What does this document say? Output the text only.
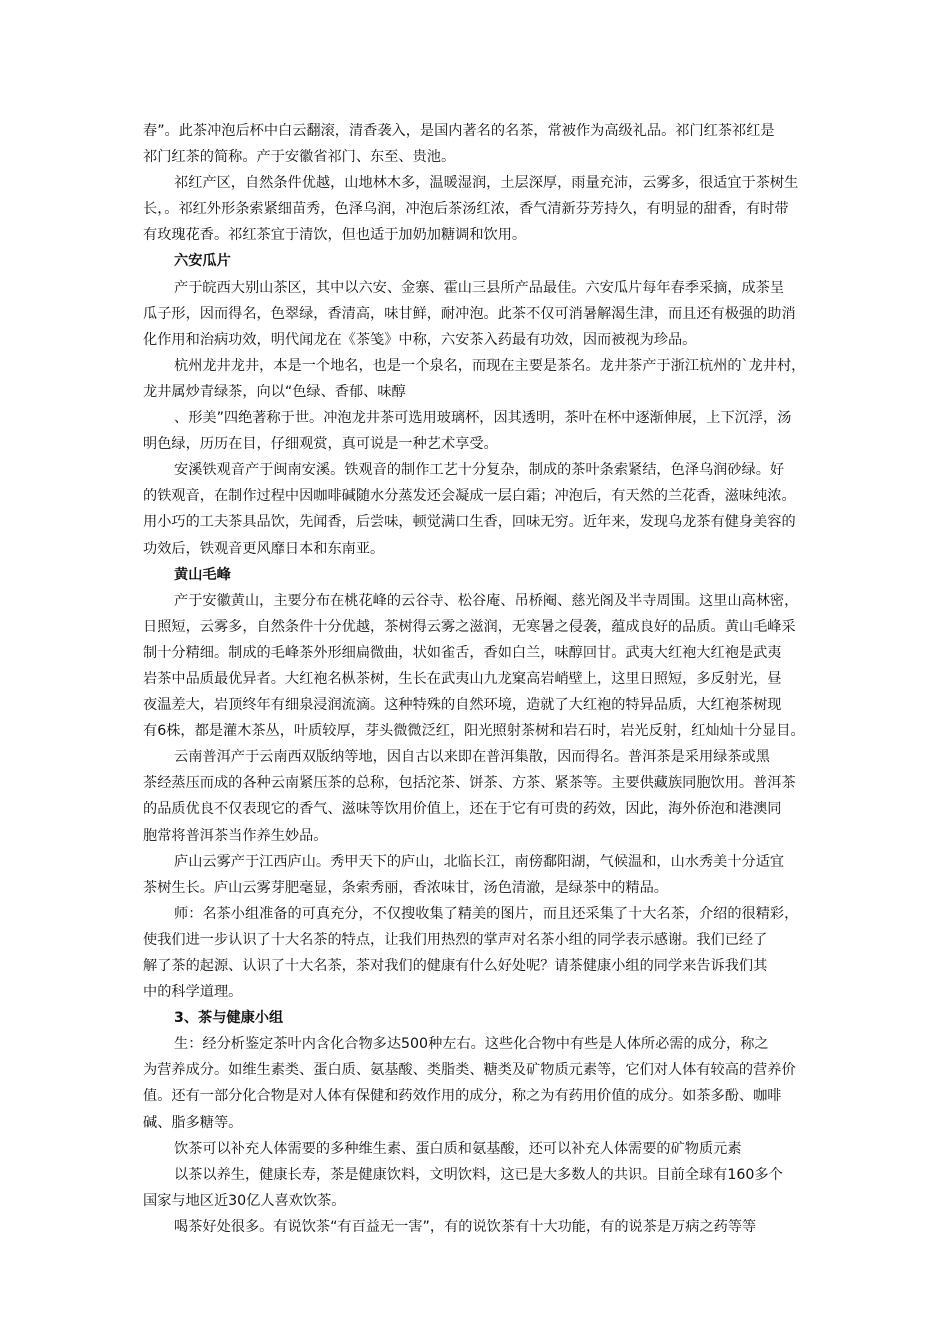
春”。此茶冲泡后杯中白云翻滚，清香袭入，是国内著名的名茶，常被作为高级礼品。祁门红茶祁红是
祁门红茶的简称。产于安徽省祁门、东至、贵池。
祁红产区，自然条件优越，山地林木多，温暖湿润，土层深厚，雨量充沛，云雾多，很适宜于茶树生
长，。祁红外形条索紧细苗秀，色泽乌润，冲泡后茶汤红浓，香气清新芬芳持久，有明显的甜香，有时带
有玫瑰花香。祁红茶宜于清饮，但也适于加奶加糖调和饮用。
六安瓜片
产于皖西大别山茶区，其中以六安、金寨、霍山三县所产品最佳。六安瓜片每年春季采摘，成茶呈
瓜子形，因而得名，色翠绿，香清高，味甘鲜，耐冲泡。此茶不仅可消暑解渴生津，而且还有极强的助消
化作用和治病功效，明代闻龙在《茶笺》中称，六安茶入药最有功效，因而被视为珍品。
杭州龙井龙井，本是一个地名，也是一个泉名，而现在主要是茶名。龙井茶产于浙江杭州的`龙井村，
龙井属炒青绿茶，向以“色绿、香郁、味醇
、形美”四绝著称于世。冲泡龙井茶可选用玻璃杯，因其透明，茶叶在杯中逐渐伸展，上下沉浮，汤
明色绿，历历在目，仔细观赏，真可说是一种艺术享受。
安溪铁观音产于闽南安溪。铁观音的制作工艺十分复杂，制成的茶叶条索紧结，色泽乌润砂绿。好
的铁观音，在制作过程中因咖啡碱随水分蒸发还会凝成一层白霜；冲泡后，有天然的兰花香，滋味纯浓。
用小巧的工夫茶具品饮，先闻香，后尝味，顿觉满口生香，回味无穷。近年来，发现乌龙茶有健身美容的
功效后，铁观音更风靡日本和东南亚。
黄山毛峰
产于安徽黄山，主要分布在桃花峰的云谷寺、松谷庵、吊桥阉、慈光阁及半寺周围。这里山高林密，
日照短，云雾多，自然条件十分优越，茶树得云雾之滋润，无寒暑之侵袭，蕴成良好的品质。黄山毛峰采
制十分精细。制成的毛峰茶外形细扁微曲，状如雀舌，香如白兰，味醇回甘。武夷大红袍大红袍是武夷
岩茶中品质最优异者。大红袍名枞茶树，生长在武夷山九龙窠高岩峭壁上，这里日照短，多反射光，昼
夜温差大，岩顶终年有细泉浸润流滴。这种特殊的自然环境，造就了大红袍的特异品质，大红袍茶树现
有6株，都是灌木茶丛，叶质较厚，芽头微微泛红，阳光照射茶树和岩石时，岩光反射，红灿灿十分显目。
云南普洱产于云南西双版纳等地，因自古以来即在普洱集散，因而得名。普洱茶是采用绿茶或黑
茶经蒸压而成的各种云南紧压茶的总称，包括沱茶、饼茶、方茶、紧茶等。主要供藏族同胞饮用。普洱茶
的品质优良不仅表现它的香气、滋味等饮用价值上，还在于它有可贵的药效，因此，海外侨泡和港澳同
胞常将普洱茶当作养生妙品。
庐山云雾产于江西庐山。秀甲天下的庐山，北临长江，南傍鄱阳湖，气候温和，山水秀美十分适宜
茶树生长。庐山云雾芽肥毫显，条索秀丽，香浓味甘，汤色清澈，是绿茶中的精品。
师：名茶小组准备的可真充分，不仅搜收集了精美的图片，而且还采集了十大名茶，介绍的很精彩，
使我们进一步认识了十大名茶的特点，让我们用热烈的掌声对名茶小组的同学表示感谢。我们已经了
解了茶的起源、认识了十大名茶，茶对我们的健康有什么好处呢？请茶健康小组的同学来告诉我们其
中的科学道理。
3、茶与健康小组
生：经分析鉴定茶叶内含化合物多达500种左右。这些化合物中有些是人体所必需的成分，称之
为营养成分。如维生素类、蛋白质、氨基酸、类脂类、糖类及矿物质元素等，它们对人体有较高的营养价
值。还有一部分化合物是对人体有保健和药效作用的成分，称之为有药用价值的成分。如茶多酚、咖啡
碱、脂多糖等。
饮茶可以补充人体需要的多种维生素、蛋白质和氨基酸，还可以补充人体需要的矿物质元素
以茶以养生，健康长寿，茶是健康饮料，文明饮料，这已是大多数人的共识。目前全球有160多个
国家与地区近30亿人喜欢饮茶。
喝茶好处很多。有说饮茶“有百益无一害”，有的说饮茶有十大功能，有的说茶是万病之药等等
